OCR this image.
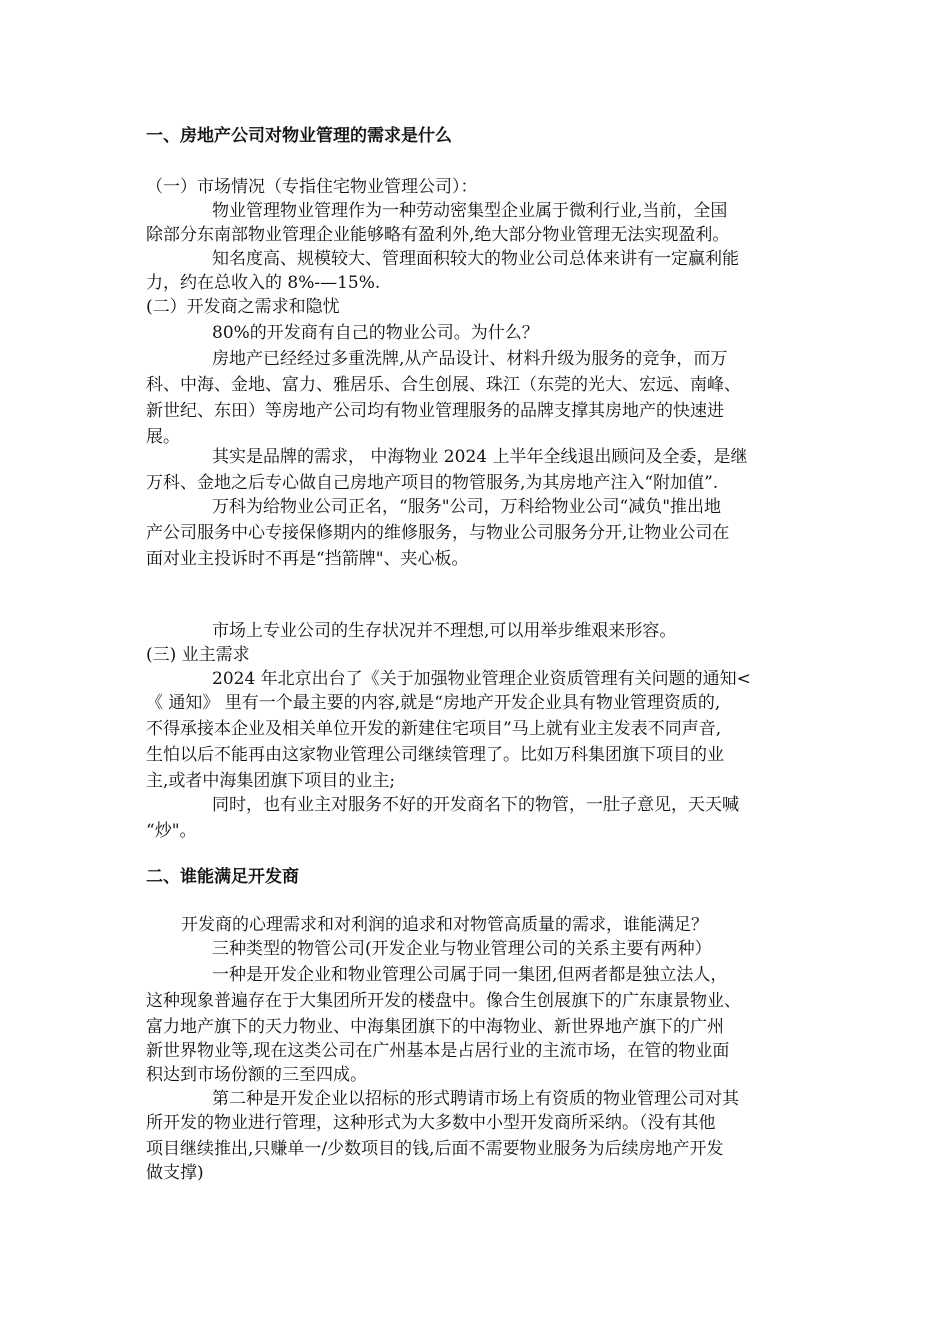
一、房地产公司对物业管理的需求是什么
（一）市场情况（专指住宅物业管理公司）：
物业管理物业管理作为一种劳动密集型企业属于微利行业,当前，全国
除部分东南部物业管理企业能够略有盈利外,绝大部分物业管理无法实现盈利。
知名度高、规模较大、管理面积较大的物业公司总体来讲有一定赢利能
力，约在总收入的 8%-—15%.
(二）开发商之需求和隐忧
80%的开发商有自己的物业公司。为什么？
房地产已经经过多重洗牌,从产品设计、材料升级为服务的竞争，而万
科、中海、金地、富力、雅居乐、合生创展、珠江（东莞的光大、宏远、南峰、
新世纪、东田）等房地产公司均有物业管理服务的品牌支撑其房地产的快速进
展。
其实是品牌的需求， 中海物业 2024 上半年全线退出顾问及全委，是继
万科、金地之后专心做自己房地产项目的物管服务,为其房地产注入“附加值”.
万科为给物业公司正名，“服务"公司，万科给物业公司“减负"推出地
产公司服务中心专接保修期内的维修服务，与物业公司服务分开,让物业公司在
面对业主投诉时不再是“挡箭牌"、夹心板。
市场上专业公司的生存状况并不理想,可以用举步维艰来形容。
(三) 业主需求
2024 年北京出台了《关于加强物业管理企业资质管理有关问题的通知<
《 通知》 里有一个最主要的内容,就是“房地产开发企业具有物业管理资质的,
不得承接本企业及相关单位开发的新建住宅项目”马上就有业主发表不同声音,
生怕以后不能再由这家物业管理公司继续管理了。比如万科集团旗下项目的业
主,或者中海集团旗下项目的业主;
同时，也有业主对服务不好的开发商名下的物管，一肚子意见，天天喊
“炒"。
二、谁能满足开发商
开发商的心理需求和对利润的追求和对物管高质量的需求，谁能满足？
三种类型的物管公司(开发企业与物业管理公司的关系主要有两种）
一种是开发企业和物业管理公司属于同一集团,但两者都是独立法人，
这种现象普遍存在于大集团所开发的楼盘中。像合生创展旗下的广东康景物业、
富力地产旗下的天力物业、中海集团旗下的中海物业、新世界地产旗下的广州
新世界物业等,现在这类公司在广州基本是占居行业的主流市场，在管的物业面
积达到市场份额的三至四成。
第二种是开发企业以招标的形式聘请市场上有资质的物业管理公司对其
所开发的物业进行管理，这种形式为大多数中小型开发商所采纳。（没有其他
项目继续推出,只赚单一/少数项目的钱,后面不需要物业服务为后续房地产开发
做支撑)
